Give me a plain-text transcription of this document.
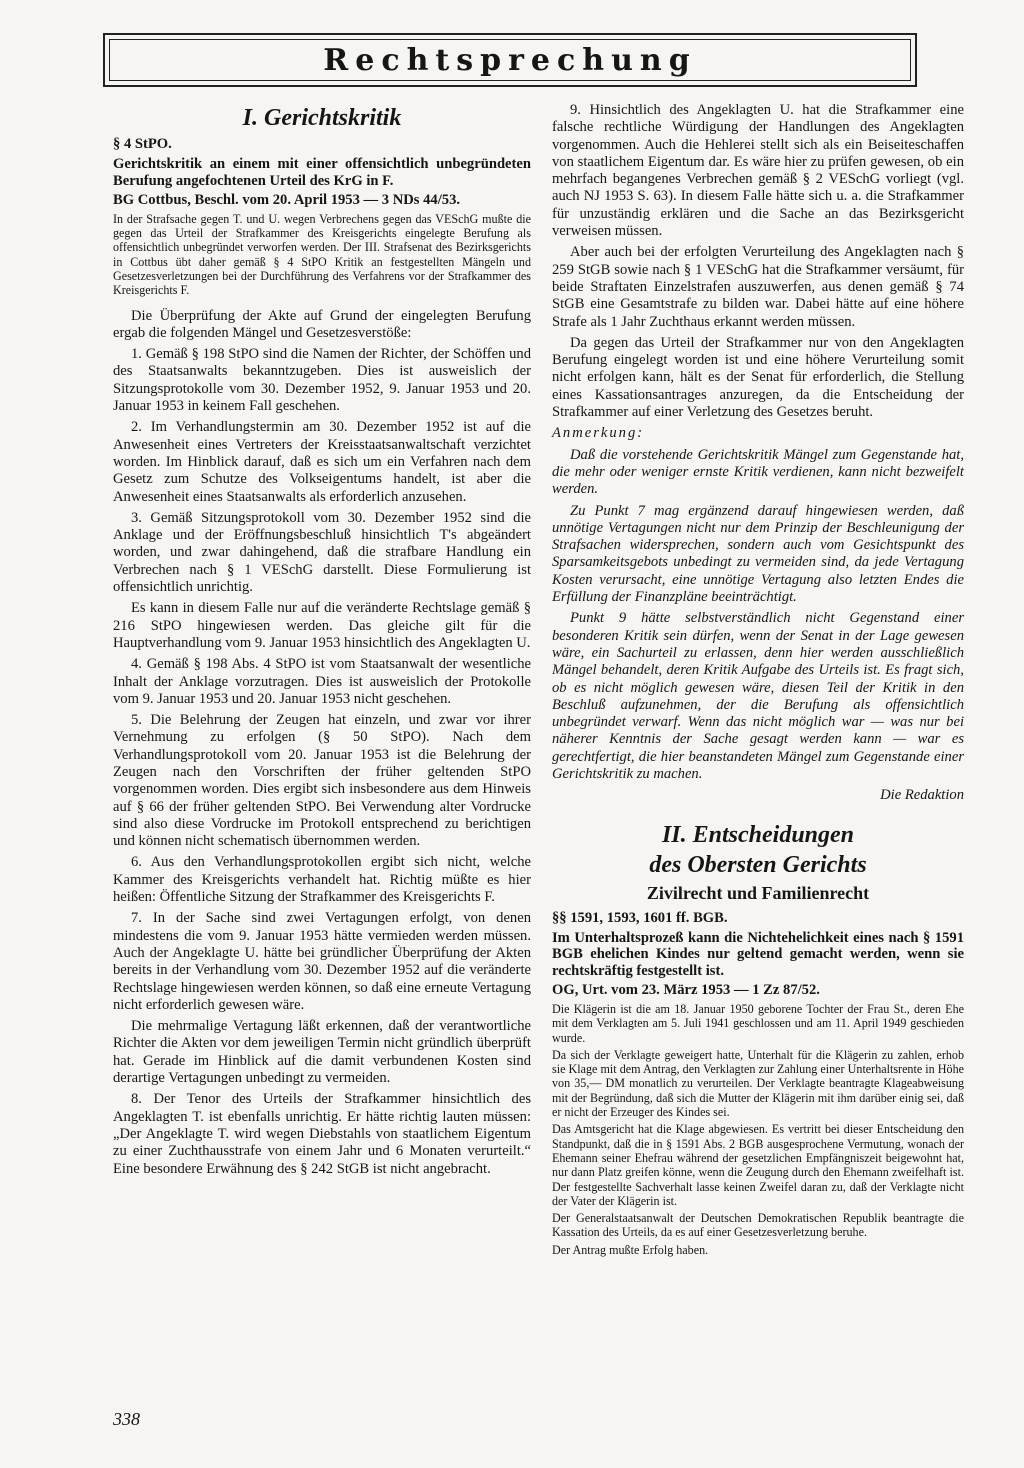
Rechtsprechung
I. Gerichtskritik

§ 4 StPO.

Gerichtskritik an einem mit einer offensichtlich unbegründeten Berufung angefochtenen Urteil des KrG in F.

BG Cottbus, Beschl. vom 20. April 1953 — 3 NDs 44/53.

In der Strafsache gegen T. und U. wegen Verbrechens gegen das VESchG mußte die gegen das Urteil der Strafkammer des Kreisgerichts eingelegte Berufung als offensichtlich unbegründet verworfen werden. Der III. Strafsenat des Bezirksgerichts in Cottbus übt daher gemäß § 4 StPO Kritik an festgestellten Mängeln und Gesetzesverletzungen bei der Durchführung des Verfahrens vor der Strafkammer des Kreisgerichts F.

Die Überprüfung der Akte auf Grund der eingelegten Berufung ergab die folgenden Mängel und Gesetzesverstöße:

1. Gemäß § 198 StPO sind die Namen der Richter, der Schöffen und des Staatsanwalts bekanntzugeben. Dies ist ausweislich der Sitzungsprotokolle vom 30. Dezember 1952, 9. Januar 1953 und 20. Januar 1953 in keinem Fall geschehen.

2. Im Verhandlungstermin am 30. Dezember 1952 ist auf die Anwesenheit eines Vertreters der Kreisstaatsanwaltschaft verzichtet worden. Im Hinblick darauf, daß es sich um ein Verfahren nach dem Gesetz zum Schutze des Volkseigentums handelt, ist aber die Anwesenheit eines Staatsanwalts als erforderlich anzusehen.

3. Gemäß Sitzungsprotokoll vom 30. Dezember 1952 sind die Anklage und der Eröffnungsbeschluß hinsichtlich T's abgeändert worden, und zwar dahingehend, daß die strafbare Handlung ein Verbrechen nach § 1 VESchG darstellt. Diese Formulierung ist offensichtlich unrichtig.

Es kann in diesem Falle nur auf die veränderte Rechtslage gemäß § 216 StPO hingewiesen werden. Das gleiche gilt für die Hauptverhandlung vom 9. Januar 1953 hinsichtlich des Angeklagten U.

4. Gemäß § 198 Abs. 4 StPO ist vom Staatsanwalt der wesentliche Inhalt der Anklage vorzutragen. Dies ist ausweislich der Protokolle vom 9. Januar 1953 und 20. Januar 1953 nicht geschehen.

5. Die Belehrung der Zeugen hat einzeln, und zwar vor ihrer Vernehmung zu erfolgen (§ 50 StPO). Nach dem Verhandlungsprotokoll vom 20. Januar 1953 ist die Belehrung der Zeugen nach den Vorschriften der früher geltenden StPO vorgenommen worden. Dies ergibt sich insbesondere aus dem Hinweis auf § 66 der früher geltenden StPO. Bei Verwendung alter Vordrucke sind also diese Vordrucke im Protokoll entsprechend zu berichtigen und können nicht schematisch übernommen werden.

6. Aus den Verhandlungsprotokollen ergibt sich nicht, welche Kammer des Kreisgerichts verhandelt hat. Richtig müßte es hier heißen: Öffentliche Sitzung der Strafkammer des Kreisgerichts F.

7. In der Sache sind zwei Vertagungen erfolgt, von denen mindestens die vom 9. Januar 1953 hätte vermieden werden müssen. Auch der Angeklagte U. hätte bei gründlicher Überprüfung der Akten bereits in der Verhandlung vom 30. Dezember 1952 auf die veränderte Rechtslage hingewiesen werden können, so daß eine erneute Vertagung nicht erforderlich gewesen wäre.

Die mehrmalige Vertagung läßt erkennen, daß der verantwortliche Richter die Akten vor dem jeweiligen Termin nicht gründlich überprüft hat. Gerade im Hinblick auf die damit verbundenen Kosten sind derartige Vertagungen unbedingt zu vermeiden.

8. Der Tenor des Urteils der Strafkammer hinsichtlich des Angeklagten T. ist ebenfalls unrichtig. Er hätte richtig lauten müssen: „Der Angeklagte T. wird wegen Diebstahls von staatlichem Eigentum zu einer Zuchthausstrafe von einem Jahr und 6 Monaten verurteilt.“ Eine besondere Erwähnung des § 242 StGB ist nicht angebracht.

9. Hinsichtlich des Angeklagten U. hat die Strafkammer eine falsche rechtliche Würdigung der Handlungen des Angeklagten vorgenommen. Auch die Hehlerei stellt sich als ein Beiseiteschaffen von staatlichem Eigentum dar. Es wäre hier zu prüfen gewesen, ob ein mehrfach begangenes Verbrechen gemäß § 2 VESchG vorliegt (vgl. auch NJ 1953 S. 63). In diesem Falle hätte sich u. a. die Strafkammer für unzuständig erklären und die Sache an das Bezirksgericht verweisen müssen.

Aber auch bei der erfolgten Verurteilung des Angeklagten nach § 259 StGB sowie nach § 1 VESchG hat die Strafkammer versäumt, für beide Straftaten Einzelstrafen auszuwerfen, aus denen gemäß § 74 StGB eine Gesamtstrafe zu bilden war. Dabei hätte auf eine höhere Strafe als 1 Jahr Zuchthaus erkannt werden müssen.

Da gegen das Urteil der Strafkammer nur von den Angeklagten Berufung eingelegt worden ist und eine höhere Verurteilung somit nicht erfolgen kann, hält es der Senat für erforderlich, die Stellung eines Kassationsantrages anzuregen, da die Entscheidung der Strafkammer auf einer Verletzung des Gesetzes beruht.

Anmerkung:

Daß die vorstehende Gerichtskritik Mängel zum Gegenstande hat, die mehr oder weniger ernste Kritik verdienen, kann nicht bezweifelt werden.

Zu Punkt 7 mag ergänzend darauf hingewiesen werden, daß unnötige Vertagungen nicht nur dem Prinzip der Beschleunigung der Strafsachen widersprechen, sondern auch vom Gesichtspunkt des Sparsamkeitsgebots unbedingt zu vermeiden sind, da jede Vertagung Kosten verursacht, eine unnötige Vertagung also letzten Endes die Erfüllung der Finanzpläne beeinträchtigt.

Punkt 9 hätte selbstverständlich nicht Gegenstand einer besonderen Kritik sein dürfen, wenn der Senat in der Lage gewesen wäre, ein Sachurteil zu erlassen, denn hier werden ausschließlich Mängel behandelt, deren Kritik Aufgabe des Urteils ist. Es fragt sich, ob es nicht möglich gewesen wäre, diesen Teil der Kritik in den Beschluß aufzunehmen, der die Berufung als offensichtlich unbegründet verwarf. Wenn das nicht möglich war — was nur bei näherer Kenntnis der Sache gesagt werden kann — war es gerechtfertigt, die hier beanstandeten Mängel zum Gegenstande einer Gerichtskritik zu machen.

Die Redaktion

II. Entscheidungen
des Obersten Gerichts
Zivilrecht und Familienrecht

§§ 1591, 1593, 1601 ff. BGB.

Im Unterhaltsprozeß kann die Nichtehelichkeit eines nach § 1591 BGB ehelichen Kindes nur geltend gemacht werden, wenn sie rechtskräftig festgestellt ist.

OG, Urt. vom 23. März 1953 — 1 Zz 87/52.

Die Klägerin ist die am 18. Januar 1950 geborene Tochter der Frau St., deren Ehe mit dem Verklagten am 5. Juli 1941 geschlossen und am 11. April 1949 geschieden wurde.

Da sich der Verklagte geweigert hatte, Unterhalt für die Klägerin zu zahlen, erhob sie Klage mit dem Antrag, den Verklagten zur Zahlung einer Unterhaltsrente in Höhe von 35,— DM monatlich zu verurteilen. Der Verklagte beantragte Klageabweisung mit der Begründung, daß sich die Mutter der Klägerin mit ihm darüber einig sei, daß er nicht der Erzeuger des Kindes sei.

Das Amtsgericht hat die Klage abgewiesen. Es vertritt bei dieser Entscheidung den Standpunkt, daß die in § 1591 Abs. 2 BGB ausgesprochene Vermutung, wonach der Ehemann seiner Ehefrau während der gesetzlichen Empfängniszeit beigewohnt hat, nur dann Platz greifen könne, wenn die Zeugung durch den Ehemann zweifelhaft ist. Der festgestellte Sachverhalt lasse keinen Zweifel daran zu, daß der Verklagte nicht der Vater der Klägerin ist.

Der Generalstaatsanwalt der Deutschen Demokratischen Republik beantragte die Kassation des Urteils, da es auf einer Gesetzesverletzung beruhe.

Der Antrag mußte Erfolg haben.

338
